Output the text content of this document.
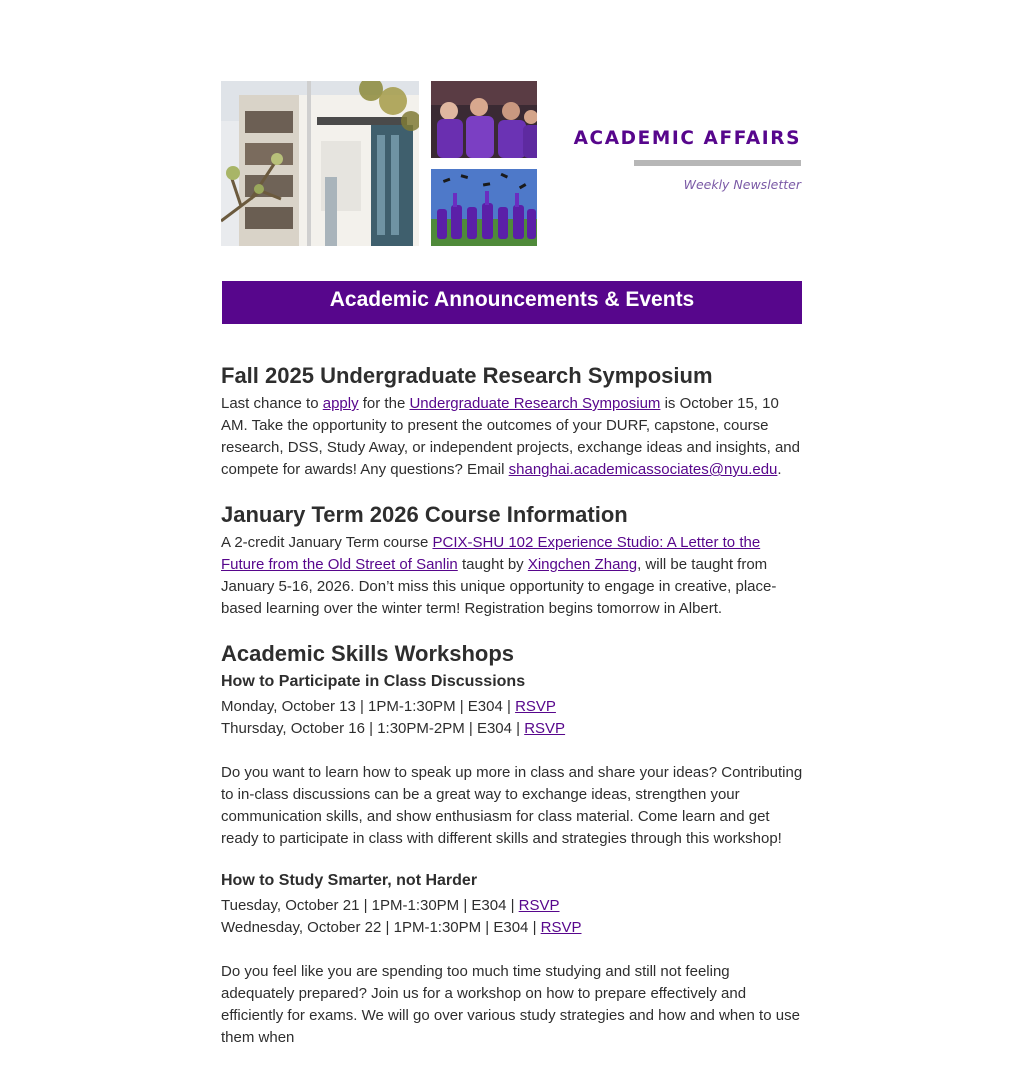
ACADEMIC AFFAIRS
Weekly Newsletter
Academic Announcements & Events
Fall 2025 Undergraduate Research Symposium

Last chance to apply for the Undergraduate Research Symposium is October 15, 10 AM. Take the opportunity to present the outcomes of your DURF, capstone, course research, DSS, Study Away, or independent projects, exchange ideas and insights, and compete for awards! Any questions? Email shanghai.academicassociates@nyu.edu.

January Term 2026 Course Information

A 2-credit January Term course PCIX-SHU 102 Experience Studio: A Letter to the Future from the Old Street of Sanlin taught by Xingchen Zhang, will be taught from January 5-16, 2026. Don’t miss this unique opportunity to engage in creative, place-based learning over the winter term! Registration begins tomorrow in Albert.

Academic Skills Workshops
How to Participate in Class Discussions
Monday, October 13 | 1PM-1:30PM | E304 | RSVP
Thursday, October 16 | 1:30PM-2PM | E304 | RSVP

Do you want to learn how to speak up more in class and share your ideas? Contributing to in-class discussions can be a great way to exchange ideas, strengthen your communication skills, and show enthusiasm for class material. Come learn and get ready to participate in class with different skills and strategies through this workshop!

How to Study Smarter, not Harder
Tuesday, October 21 | 1PM-1:30PM | E304 | RSVP
Wednesday, October 22 | 1PM-1:30PM | E304 | RSVP

Do you feel like you are spending too much time studying and still not feeling adequately prepared? Join us for a workshop on how to prepare effectively and efficiently for exams. We will go over various study strategies and how and when to use them when
